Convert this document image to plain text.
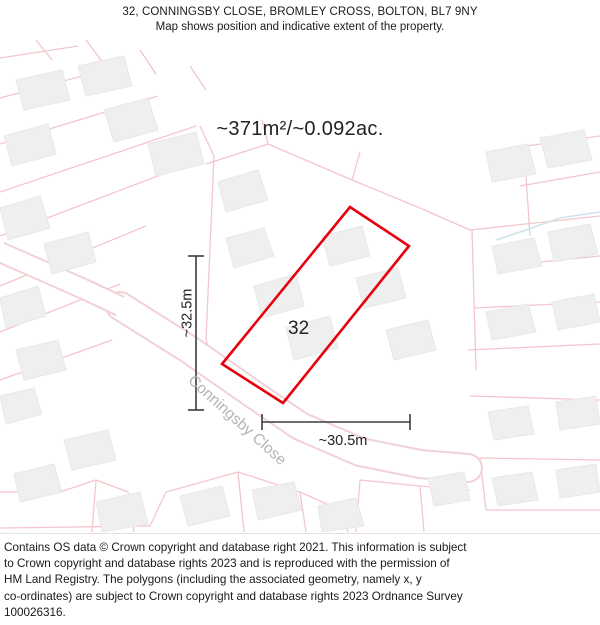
32, CONNINGSBY CLOSE, BROMLEY CROSS, BOLTON, BL7 9NY
Map shows position and indicative extent of the property.
~371m²/~0.092ac.
32
~30.5m
~32.5m
Conningsby Close

Contains OS data © Crown copyright and database right 2021. This information is subject

to Crown copyright and database rights 2023 and is reproduced with the permission of

HM Land Registry. The polygons (including the associated geometry, namely x, y

co-ordinates) are subject to Crown copyright and database rights 2023 Ordnance Survey

100026316.
